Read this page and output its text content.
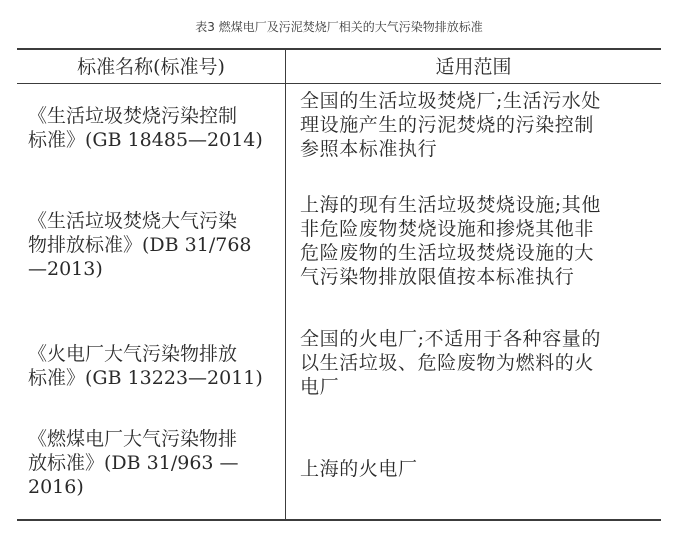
表3 燃煤电厂及污泥焚烧厂相关的大气污染物排放标准
标准名称(标准号)	适用范围
《生活垃圾焚烧污染控制
标准》(GB 18485—2014)
全国的生活垃圾焚烧厂;生活污水处
理设施产生的污泥焚烧的污染控制
参照本标准执行
《生活垃圾焚烧大气污染
物排放标准》(DB 31/768
—2013)
上海的现有生活垃圾焚烧设施;其他
非危险废物焚烧设施和掺烧其他非
危险废物的生活垃圾焚烧设施的大
气污染物排放限值按本标准执行
《火电厂大气污染物排放
标准》(GB 13223—2011)
全国的火电厂;不适用于各种容量的
以生活垃圾、危险废物为燃料的火
电厂
《燃煤电厂大气污染物排
放标准》(DB 31/963 —
2016)
上海的火电厂
